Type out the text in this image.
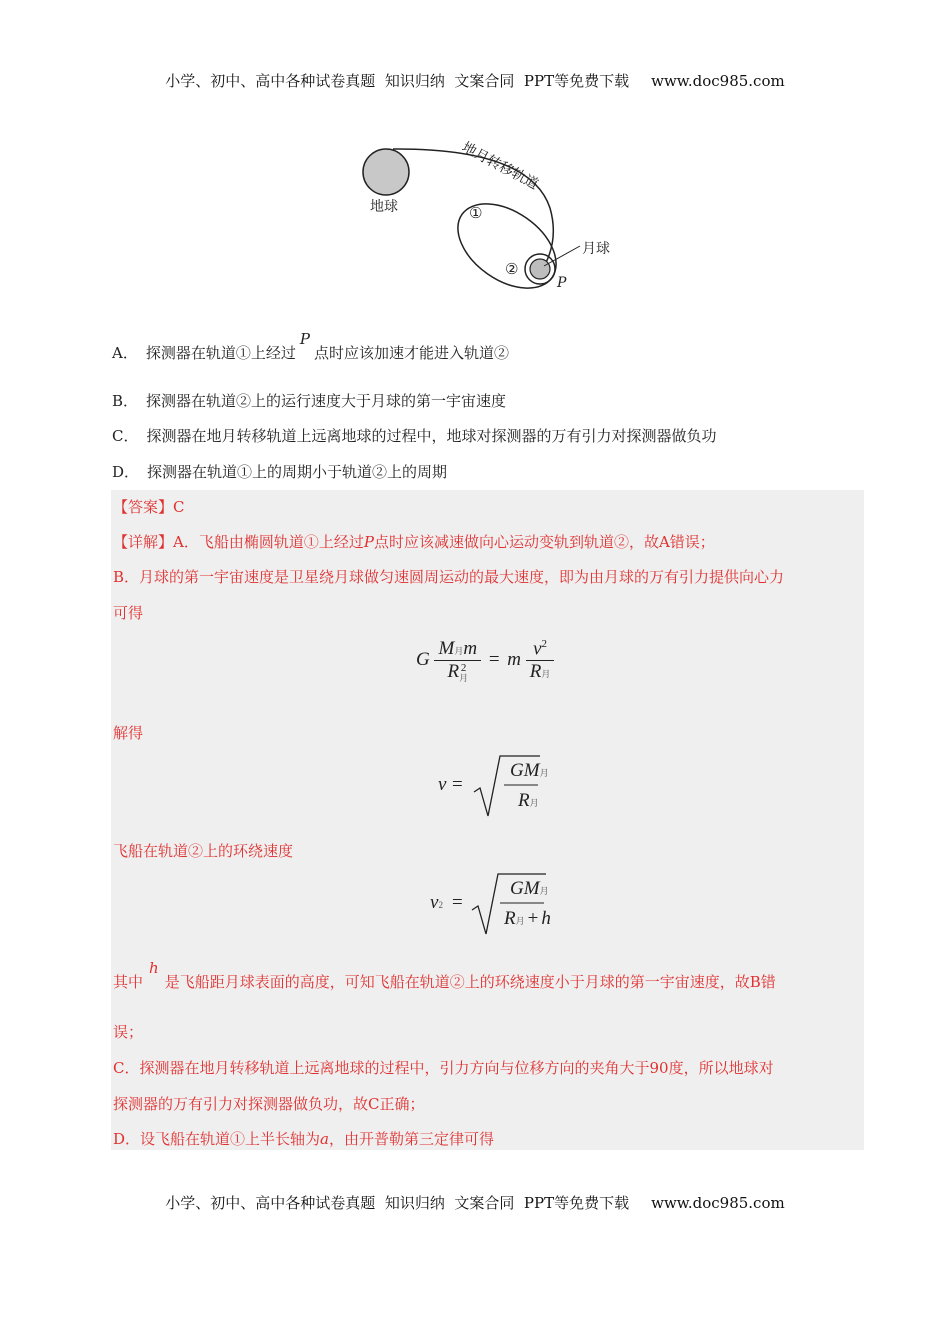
小学、初中、高中各种试卷真题  知识归纳  文案合同  PPT等免费下载 www.doc985.com
地球
地月转移轨道
①
②
月球
P
A． 探测器在轨道①上经过P点时应该加速才能进入轨道②
B． 探测器在轨道②上的运行速度大于月球的第一宇宙速度
C． 探测器在地月转移轨道上远离地球的过程中，地球对探测器的万有引力对探测器做负功
D． 探测器在轨道①上的周期小于轨道②上的周期
【答案】C
【详解】A．飞船由椭圆轨道①上经过P点时应该减速做向心运动变轨到轨道②，故A错误；
B．月球的第一宇宙速度是卫星绕月球做匀速圆周运动的最大速度，即为由月球的万有引力提供向心力
可得
G M月m
R 2
月 = m $\frac{v^2}{\text{R月}}$
解得
v =
GM月
R月
飞船在轨道②上的环绕速度
v2 =
GM月
R月 + h
其中h是飞船距月球表面的高度，可知飞船在轨道②上的环绕速度小于月球的第一宇宙速度，故B错
误；
C．探测器在地月转移轨道上远离地球的过程中，引力方向与位移方向的夹角大于90度，所以地球对
探测器的万有引力对探测器做负功，故C正确；
D．设飞船在轨道①上半长轴为a，由开普勒第三定律可得
小学、初中、高中各种试卷真题  知识归纳  文案合同  PPT等免费下载 www.doc985.com
